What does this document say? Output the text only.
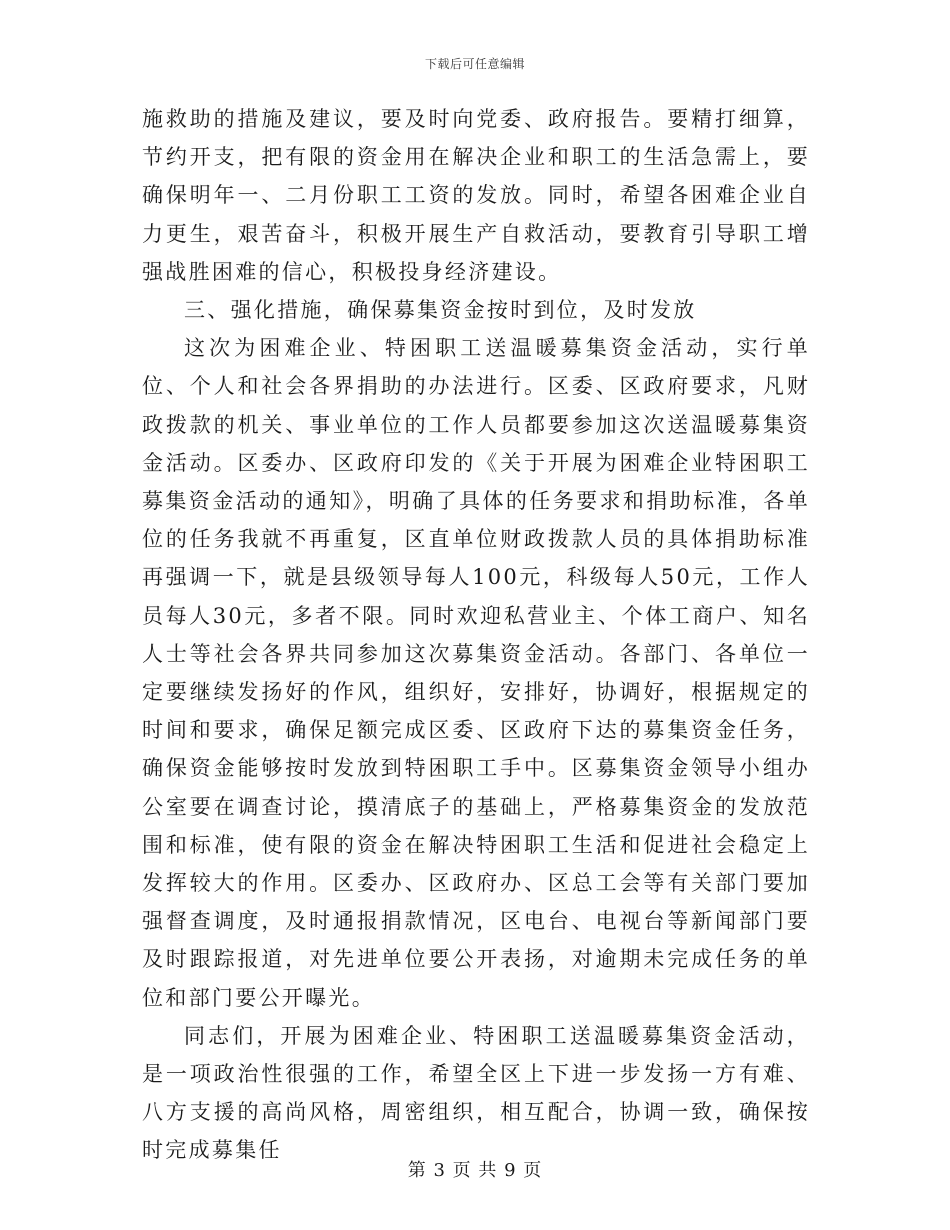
下载后可任意编辑

施救助的措施及建议，要及时向党委、政府报告。要精打细算，节约开支，把有限的资金用在解决企业和职工的生活急需上，要确保明年一、二月份职工工资的发放。同时，希望各困难企业自力更生，艰苦奋斗，积极开展生产自救活动，要教育引导职工增强战胜困难的信心，积极投身经济建设。

三、强化措施，确保募集资金按时到位，及时发放

这次为困难企业、特困职工送温暖募集资金活动，实行单位、个人和社会各界捐助的办法进行。区委、区政府要求，凡财政拨款的机关、事业单位的工作人员都要参加这次送温暖募集资金活动。区委办、区政府印发的《关于开展为困难企业特困职工募集资金活动的通知》，明确了具体的任务要求和捐助标准，各单位的任务我就不再重复，区直单位财政拨款人员的具体捐助标准再强调一下，就是县级领导每人100元，科级每人50元，工作人员每人30元，多者不限。同时欢迎私营业主、个体工商户、知名人士等社会各界共同参加这次募集资金活动。各部门、各单位一定要继续发扬好的作风，组织好，安排好，协调好，根据规定的时间和要求，确保足额完成区委、区政府下达的募集资金任务，确保资金能够按时发放到特困职工手中。区募集资金领导小组办公室要在调查讨论，摸清底子的基础上，严格募集资金的发放范围和标准，使有限的资金在解决特困职工生活和促进社会稳定上发挥较大的作用。区委办、区政府办、区总工会等有关部门要加强督查调度，及时通报捐款情况，区电台、电视台等新闻部门要及时跟踪报道，对先进单位要公开表扬，对逾期未完成任务的单位和部门要公开曝光。

同志们，开展为困难企业、特困职工送温暖募集资金活动，是一项政治性很强的工作，希望全区上下进一步发扬一方有难、八方支援的高尚风格，周密组织，相互配合，协调一致，确保按时完成募集任

第 3 页 共 9 页
